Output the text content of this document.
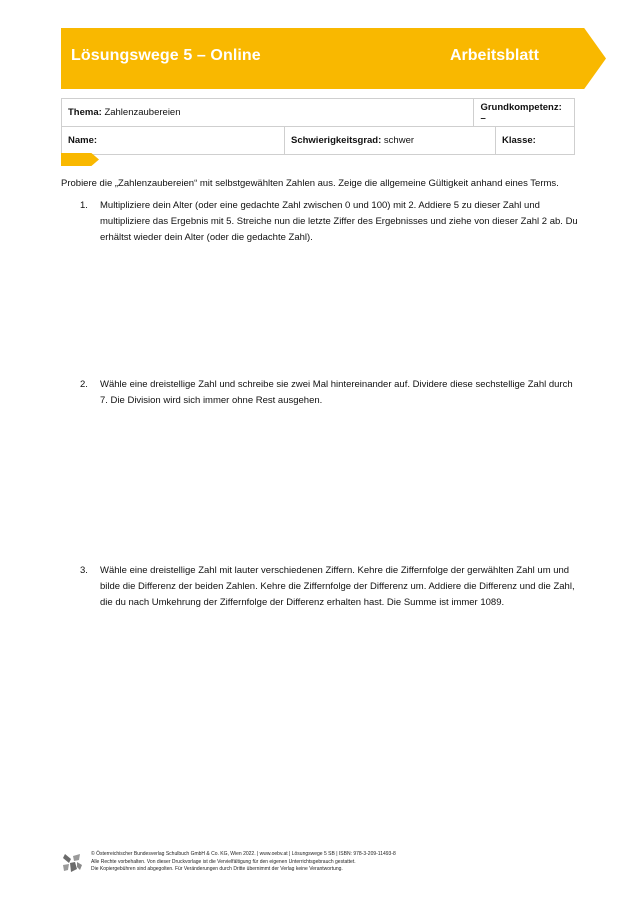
Lösungswege 5 – Online	Arbeitsblatt
Thema: Zahlenzaubereien		Grundkompetenz: –	
Name:	Schwierigkeitsgrad: schwer		Klasse:
Probiere die „Zahlenzaubereien“ mit selbstgewählten Zahlen aus. Zeige die allgemeine Gültigkeit anhand eines Terms.
1. Multipliziere dein Alter (oder eine gedachte Zahl zwischen 0 und 100) mit 2. Addiere 5 zu dieser Zahl und multipliziere das Ergebnis mit 5. Streiche nun die letzte Ziffer des Ergebnisses und ziehe von dieser Zahl 2 ab. Du erhältst wieder dein Alter (oder die gedachte Zahl).
2. Wähle eine dreistellige Zahl und schreibe sie zwei Mal hintereinander auf. Dividere diese sechstellige Zahl durch 7. Die Division wird sich immer ohne Rest ausgehen.
3. Wähle eine dreistellige Zahl mit lauter verschiedenen Ziffern. Kehre die Ziffernfolge der gerwählten Zahl um und bilde die Differenz der beiden Zahlen. Kehre die Ziffernfolge der Differenz um. Addiere die Differenz und die Zahl, die du nach Umkehrung der Ziffernfolge der Differenz erhalten hast. Die Summe ist immer 1089.
© Österreichischer Bundesverlag Schulbuch GmbH & Co. KG, Wien 2022. | www.oebv.at | Lösungswege 5 SB | ISBN: 978-3-209-11493-8
Alle Rechte vorbehalten. Von dieser Druckvorlage ist die Vervielfältigung für den eigenen Unterrichtsgebrauch gestattet.
Die Kopiergebühren sind abgegolten. Für Veränderungen durch Dritte übernimmt der Verlag keine Verantwortung.
